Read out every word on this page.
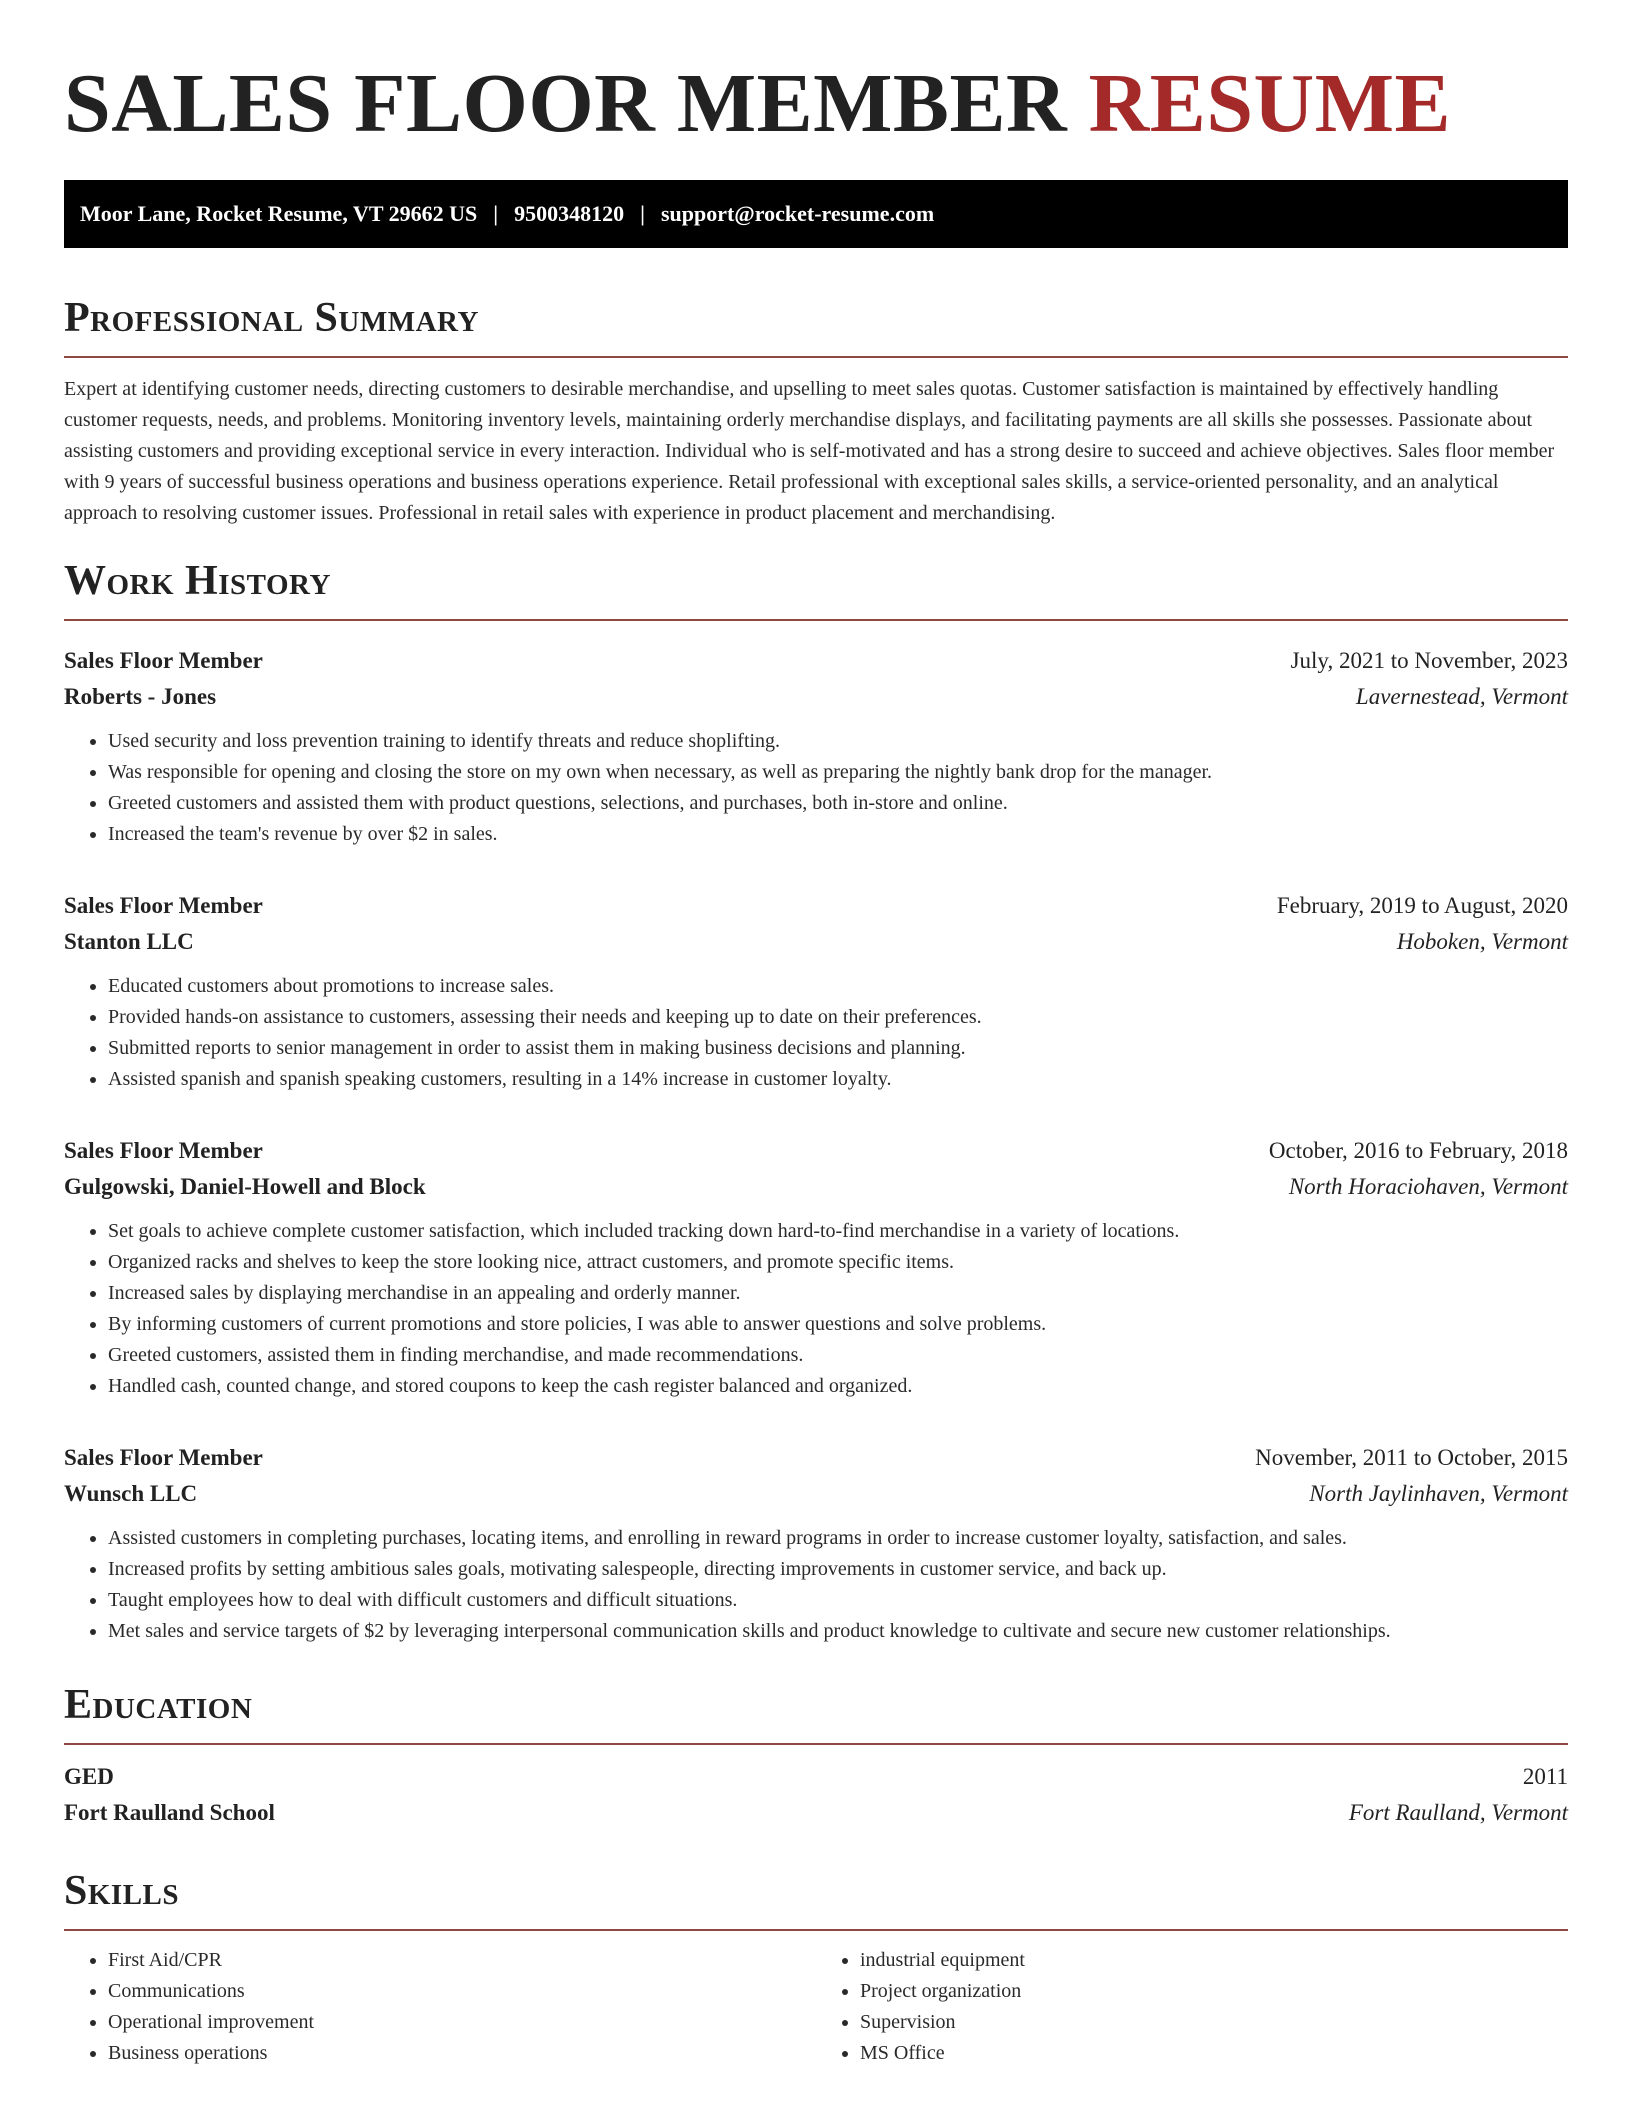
SALES FLOOR MEMBER RESUME
Moor Lane, Rocket Resume, VT 29662 US | 9500348120 | support@rocket-resume.com
Professional Summary

Expert at identifying customer needs, directing customers to desirable merchandise, and upselling to meet sales quotas. Customer satisfaction is maintained by effectively handling customer requests, needs, and problems. Monitoring inventory levels, maintaining orderly merchandise displays, and facilitating payments are all skills she possesses. Passionate about assisting customers and providing exceptional service in every interaction. Individual who is self-motivated and has a strong desire to succeed and achieve objectives. Sales floor member with 9 years of successful business operations and business operations experience. Retail professional with exceptional sales skills, a service-oriented personality, and an analytical approach to resolving customer issues. Professional in retail sales with experience in product placement and merchandising.

Work History
Sales Floor Member	July, 2021 to November, 2023
Roberts - Jones	Lavernestead, Vermont
• Used security and loss prevention training to identify threats and reduce shoplifting.
• Was responsible for opening and closing the store on my own when necessary, as well as preparing the nightly bank drop for the manager.
• Greeted customers and assisted them with product questions, selections, and purchases, both in-store and online.
• Increased the team's revenue by over $2 in sales.
Sales Floor Member	February, 2019 to August, 2020
Stanton LLC	Hoboken, Vermont
• Educated customers about promotions to increase sales.
• Provided hands-on assistance to customers, assessing their needs and keeping up to date on their preferences.
• Submitted reports to senior management in order to assist them in making business decisions and planning.
• Assisted spanish and spanish speaking customers, resulting in a 14% increase in customer loyalty.
Sales Floor Member	October, 2016 to February, 2018
Gulgowski, Daniel-Howell and Block	North Horaciohaven, Vermont
• Set goals to achieve complete customer satisfaction, which included tracking down hard-to-find merchandise in a variety of locations.
• Organized racks and shelves to keep the store looking nice, attract customers, and promote specific items.
• Increased sales by displaying merchandise in an appealing and orderly manner.
• By informing customers of current promotions and store policies, I was able to answer questions and solve problems.
• Greeted customers, assisted them in finding merchandise, and made recommendations.
• Handled cash, counted change, and stored coupons to keep the cash register balanced and organized.
Sales Floor Member	November, 2011 to October, 2015
Wunsch LLC	North Jaylinhaven, Vermont
• Assisted customers in completing purchases, locating items, and enrolling in reward programs in order to increase customer loyalty, satisfaction, and sales.
• Increased profits by setting ambitious sales goals, motivating salespeople, directing improvements in customer service, and back up.
• Taught employees how to deal with difficult customers and difficult situations.
• Met sales and service targets of $2 by leveraging interpersonal communication skills and product knowledge to cultivate and secure new customer relationships.
Education
GED	2011
Fort Raulland School	Fort Raulland, Vermont
Skills
• First Aid/CPR
• Communications
• Operational improvement
• Business operations
• industrial equipment
• Project organization
• Supervision
• MS Office
